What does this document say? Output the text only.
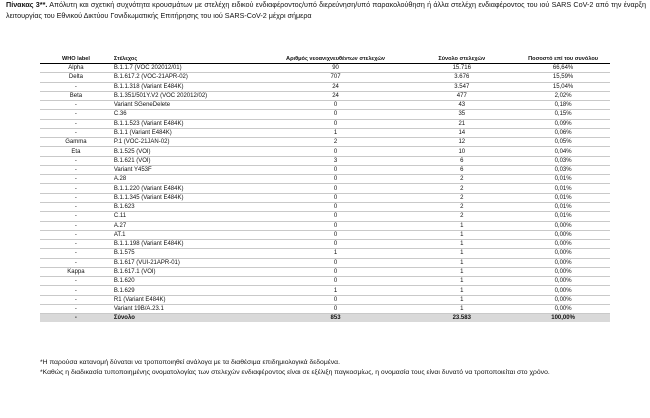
Πίνακας 3**. Απόλυτη και σχετική συχνότητα κρουσμάτων με στελέχη ειδικού ενδιαφέροντος/υπό διερεύνηση/υπό παρακολούθηση ή άλλα στελέχη ενδιαφέροντος του ιού SARS CoV-2 από την έναρξη λειτουργίας του Εθνικού Δικτύου Γονιδιωματικής Επιτήρησης του ιού SARS-CoV-2 μέχρι σήμερα
WHO label	Στέλεχος	Αριθμός νεοανιχνευθέντων στελεχών	Σύνολο στελεχών	Ποσοστό επί του συνόλου
Alpha	B.1.1.7 (VOC 202012/01)	90	15.716	66,64%
Delta	B.1.617.2 (VOC-21APR-02)	707	3.676	15,59%
-	B.1.1.318 (Variant E484K)	24	3.547	15,04%
Beta	B.1.351/501Y.V2 (VOC 202012/02)	24	477	2,02%
-	Variant SGeneDelete	0	43	0,18%
-	C.36	0	35	0,15%
-	B.1.1.523 (Variant E484K)	0	21	0,09%
-	B.1.1 (Variant E484K)	1	14	0,06%
Gamma	P.1 (VOC-21JAN-02)	2	12	0,05%
Eta	B.1.525 (VOI)	0	10	0,04%
-	B.1.621 (VOI)	3	6	0,03%
-	Variant Y453F	0	6	0,03%
-	A.28	0	2	0,01%
-	B.1.1.220 (Variant E484K)	0	2	0,01%
-	B.1.1.345 (Variant E484K)	0	2	0,01%
-	B.1.623	0	2	0,01%
-	C.11	0	2	0,01%
-	A.27	0	1	0,00%
-	AT.1	0	1	0,00%
-	B.1.1.198 (Variant E484K)	0	1	0,00%
-	B.1.575	1	1	0,00%
-	B.1.617 (VUI-21APR-01)	0	1	0,00%
Kappa	B.1.617.1 (VOI)	0	1	0,00%
-	B.1.620	0	1	0,00%
-	B.1.629	1	1	0,00%
-	R1 (Variant E484K)	0	1	0,00%
-	Variant 19B/A.23.1	0	1	0,00%
-	Σύνολο	853	23.583	100,00%

*Η παρούσα κατανομή δύναται να τροποποιηθεί ανάλογα με τα διαθέσιμα επιδημιολογικά δεδομένα.

*Καθώς η διαδικασία τυποποιημένης ονοματολογίας των στελεχών ενδιαφέροντος είναι σε εξέλιξη παγκοσμίως, η ονομασία τους είναι δυνατό να τροποποιείται στο χρόνο.
